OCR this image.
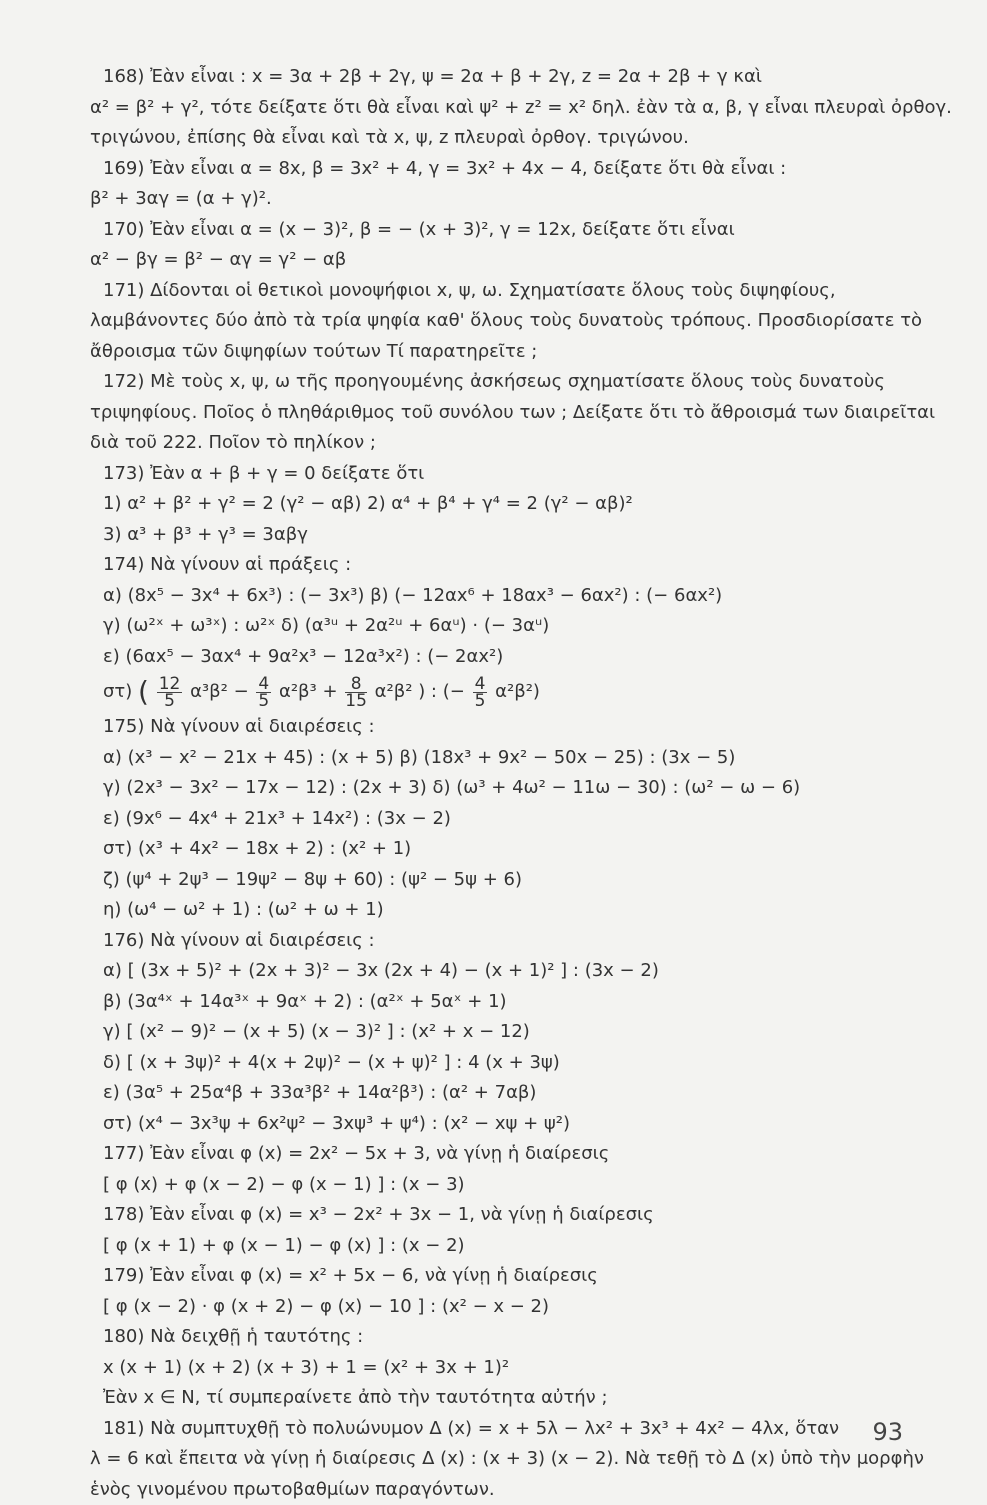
168) Ἐὰν εἶναι : x = 3α + 2β + 2γ, ψ = 2α + β + 2γ, z = 2α + 2β + γ καὶ
α² = β² + γ², τότε δείξατε ὅτι θὰ εἶναι καὶ ψ² + z² = x² δηλ. ἐὰν τὰ α, β, γ εἶναι πλευραὶ ὀρθογ.
τριγώνου, ἐπίσης θὰ εἶναι καὶ τὰ x, ψ, z πλευραὶ ὀρθογ. τριγώνου.
169) Ἐὰν εἶναι α = 8x, β = 3x² + 4, γ = 3x² + 4x − 4, δείξατε ὅτι θὰ εἶναι :
β² + 3αγ = (α + γ)².
170) Ἐὰν εἶναι α = (x − 3)², β = − (x + 3)², γ = 12x, δείξατε ὅτι εἶναι
α² − βγ = β² − αγ = γ² − αβ
171) Δίδονται οἱ θετικοὶ μονοψήφιοι x, ψ, ω. Σχηματίσατε ὅλους τοὺς διψηφίους,
λαμβάνοντες δύο ἀπὸ τὰ τρία ψηφία καθ' ὅλους τοὺς δυνατοὺς τρόπους. Προσδιορίσατε τὸ
ἄθροισμα τῶν διψηφίων τούτων Τί παρατηρεῖτε ;
172) Μὲ τοὺς x, ψ, ω τῆς προηγουμένης ἀσκήσεως σχηματίσατε ὅλους τοὺς δυνατοὺς
τριψηφίους. Ποῖος ὁ πληθάριθμος τοῦ συνόλου των ; Δείξατε ὅτι τὸ ἄθροισμά των διαιρεῖται
διὰ τοῦ 222. Ποῖον τὸ πηλίκον ;
173) Ἐὰν α + β + γ = 0 δείξατε ὅτι
1) α² + β² + γ² = 2 (γ² − αβ) 2) α⁴ + β⁴ + γ⁴ = 2 (γ² − αβ)²
3) α³ + β³ + γ³ = 3αβγ
174) Νὰ γίνουν αἱ πράξεις :
α) (8x⁵ − 3x⁴ + 6x³) : (− 3x³) β) (− 12αx⁶ + 18αx³ − 6αx²) : (− 6αx²)
γ) (ω²ˣ + ω³ˣ) : ω²ˣ δ) (α³ᵘ + 2α²ᵘ + 6αᵘ) · (− 3αᵘ)
ε) (6αx⁵ − 3αx⁴ + 9α²x³ − 12α³x²) : (− 2αx²)
στ) ( $\frac{12}{5} \alpha^3\beta^2 - \frac{4}{5} \alpha^2\beta^3 + \frac{8}{15} \alpha^2\beta^2$ ) : (− $\frac{4}{5} \alpha^2\beta^2$)
175) Νὰ γίνουν αἱ διαιρέσεις :
α) (x³ − x² − 21x + 45) : (x + 5) β) (18x³ + 9x² − 50x − 25) : (3x − 5)
γ) (2x³ − 3x² − 17x − 12) : (2x + 3) δ) (ω³ + 4ω² − 11ω − 30) : (ω² − ω − 6)
ε) (9x⁶ − 4x⁴ + 21x³ + 14x²) : (3x − 2)
στ) (x³ + 4x² − 18x + 2) : (x² + 1)
ζ) (ψ⁴ + 2ψ³ − 19ψ² − 8ψ + 60) : (ψ² − 5ψ + 6)
η) (ω⁴ − ω² + 1) : (ω² + ω + 1)
176) Νὰ γίνουν αἱ διαιρέσεις :
α) [ (3x + 5)² + (2x + 3)² − 3x (2x + 4) − (x + 1)² ] : (3x − 2)
β) (3α⁴ˣ + 14α³ˣ + 9αˣ + 2) : (α²ˣ + 5αˣ + 1)
γ) [ (x² − 9)² − (x + 5) (x − 3)² ] : (x² + x − 12)
δ) [ (x + 3ψ)² + 4(x + 2ψ)² − (x + ψ)² ] : 4 (x + 3ψ)
ε) (3α⁵ + 25α⁴β + 33α³β² + 14α²β³) : (α² + 7αβ)
στ) (x⁴ − 3x³ψ + 6x²ψ² − 3xψ³ + ψ⁴) : (x² − xψ + ψ²)
177) Ἐὰν εἶναι φ (x) = 2x² − 5x + 3, νὰ γίνῃ ἡ διαίρεσις
[ φ (x) + φ (x − 2) − φ (x − 1) ] : (x − 3)
178) Ἐὰν εἶναι φ (x) = x³ − 2x² + 3x − 1, νὰ γίνῃ ἡ διαίρεσις
[ φ (x + 1) + φ (x − 1) − φ (x) ] : (x − 2)
179) Ἐὰν εἶναι φ (x) = x² + 5x − 6, νὰ γίνῃ ἡ διαίρεσις
[ φ (x − 2) · φ (x + 2) − φ (x) − 10 ] : (x² − x − 2)
180) Νὰ δειχθῇ ἡ ταυτότης :
x (x + 1) (x + 2) (x + 3) + 1 = (x² + 3x + 1)²
Ἐὰν x ∈ N, τί συμπεραίνετε ἀπὸ τὴν ταυτότητα αὐτήν ;
181) Νὰ συμπτυχθῇ τὸ πολυώνυμον Δ (x) = x + 5λ − λx² + 3x³ + 4x² − 4λx, ὅταν
λ = 6 καὶ ἔπειτα νὰ γίνῃ ἡ διαίρεσις Δ (x) : (x + 3) (x − 2). Νὰ τεθῇ τὸ Δ (x) ὑπὸ τὴν μορφὴν
ἑνὸς γινομένου πρωτοβαθμίων παραγόντων.
93
